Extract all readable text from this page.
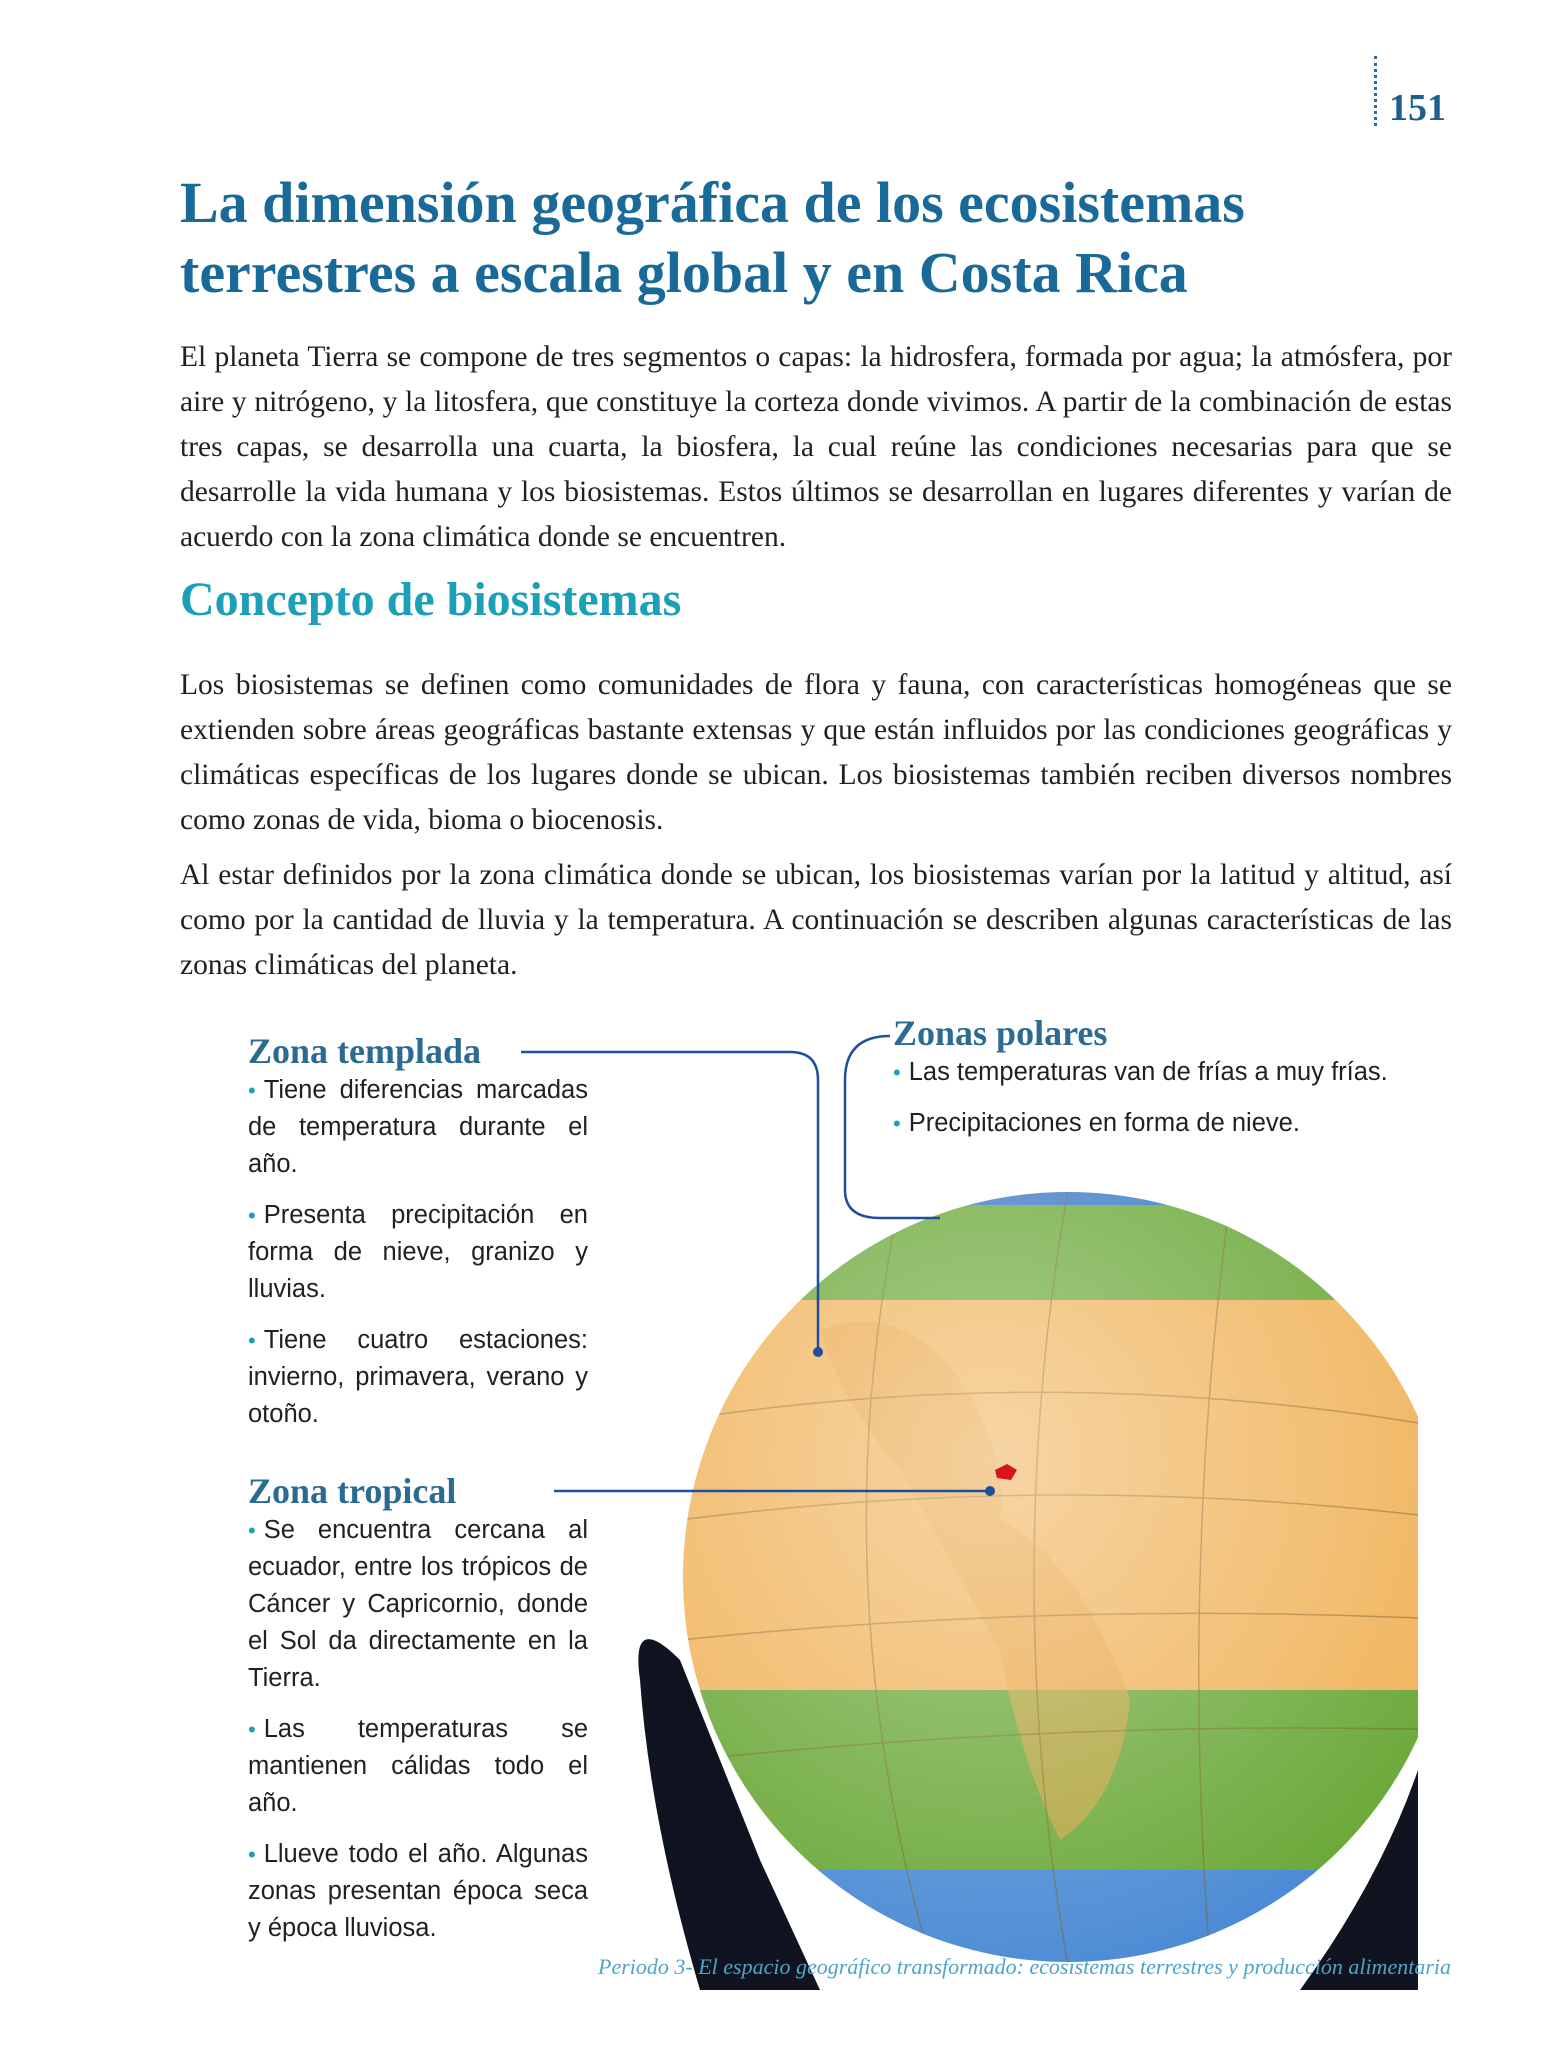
151
La dimensión geográfica de los ecosistemas terrestres a escala global y en Costa Rica

El planeta Tierra se compone de tres segmentos o capas: la hidrosfera, formada por agua; la atmósfera, por aire y nitrógeno, y la litosfera, que constituye la corteza donde vivimos. A partir de la combinación de estas tres capas, se desarrolla una cuarta, la biosfera, la cual reúne las condiciones necesarias para que se desarrolle la vida humana y los biosistemas. Estos últimos se desarrollan en lugares diferentes y varían de acuerdo con la zona climática donde se encuentren.

Concepto de biosistemas

Los biosistemas se definen como comunidades de flora y fauna, con características homogéneas que se extienden sobre áreas geográficas bastante extensas y que están influidos por las condiciones geográficas y climáticas específicas de los lugares donde se ubican. Los biosistemas también reciben diversos nombres como zonas de vida, bioma o biocenosis.

Al estar definidos por la zona climática donde se ubican, los biosistemas varían por la latitud y altitud, así como por la cantidad de lluvia y la temperatura. A continuación se describen algunas características de las zonas climáticas del planeta.

Zona templada
• Tiene diferencias marcadas de temperatura durante el año.
• Presenta precipitación en forma de nieve, granizo y lluvias.
• Tiene cuatro estaciones: invierno, primavera, verano y otoño.
Zonas polares
• Las temperaturas van de frías a muy frías.
• Precipitaciones en forma de nieve.
Zona tropical
• Se encuentra cercana al ecuador, entre los trópicos de Cáncer y Capricornio, donde el Sol da directamente en la Tierra.
• Las temperaturas se mantienen cálidas todo el año.
• Llueve todo el año. Algunas zonas presentan época seca y época lluviosa.
Periodo 3- El espacio geográfico transformado: ecosistemas terrestres y producción alimentaria
